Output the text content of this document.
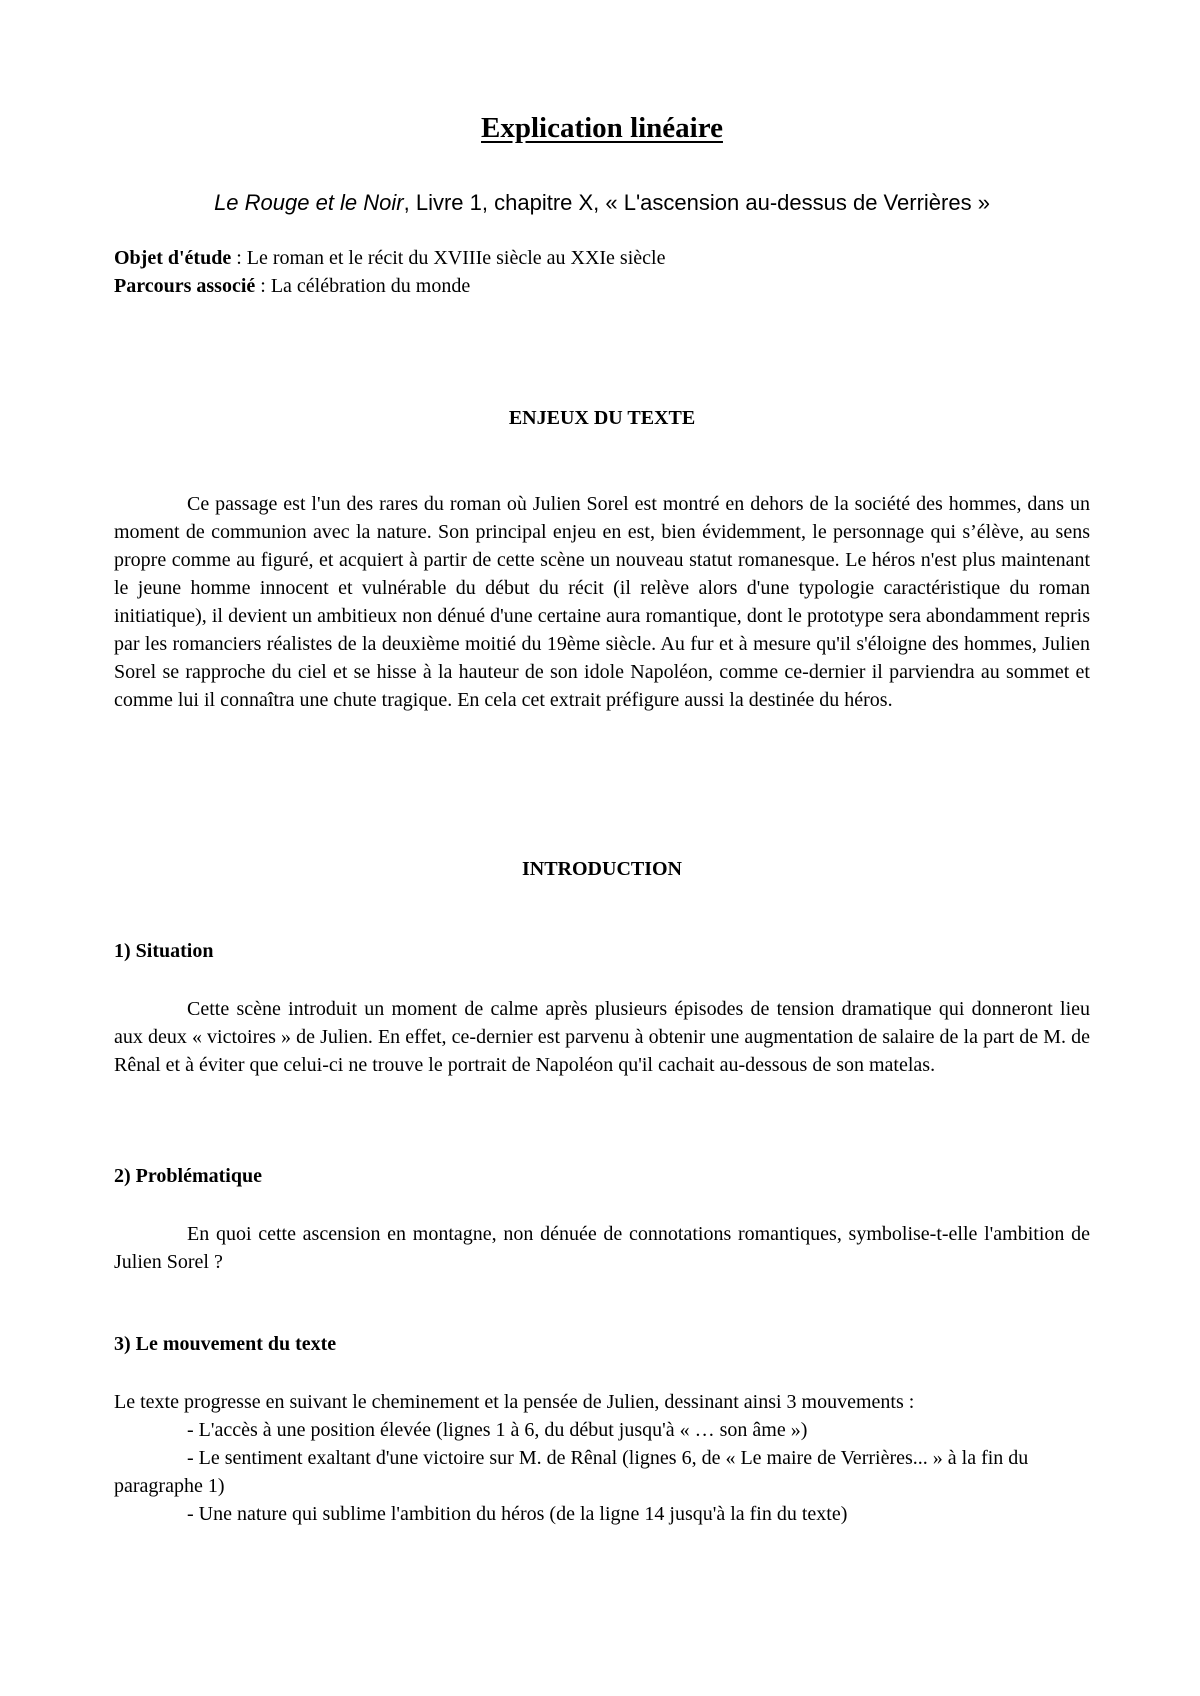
Explication linéaire
Le Rouge et le Noir, Livre 1, chapitre X, « L'ascension au-dessus de Verrières »
Objet d'étude : Le roman et le récit du XVIIIe siècle au XXIe siècle
Parcours associé : La célébration du monde
ENJEUX DU TEXTE

Ce passage est l'un des rares du roman où Julien Sorel est montré en dehors de la société des hommes, dans un moment de communion avec la nature. Son principal enjeu en est, bien évidemment, le personnage qui s’élève, au sens propre comme au figuré, et acquiert à partir de cette scène un nouveau statut romanesque. Le héros n'est plus maintenant le jeune homme innocent et vulnérable du début du récit (il relève alors d'une typologie caractéristique du roman initiatique), il devient un ambitieux non dénué d'une certaine aura romantique, dont le prototype sera abondamment repris par les romanciers réalistes de la deuxième moitié du 19ème siècle. Au fur et à mesure qu'il s'éloigne des hommes, Julien Sorel se rapproche du ciel et se hisse à la hauteur de son idole Napoléon, comme ce-dernier il parviendra au sommet et comme lui il connaîtra une chute tragique. En cela cet extrait préfigure aussi la destinée du héros.

INTRODUCTION
1) Situation

Cette scène introduit un moment de calme après plusieurs épisodes de tension dramatique qui donneront lieu aux deux « victoires » de Julien. En effet, ce-dernier est parvenu à obtenir une augmentation de salaire de la part de M. de Rênal et à éviter que celui-ci ne trouve le portrait de Napoléon qu'il cachait au-dessous de son matelas.

2) Problématique

En quoi cette ascension en montagne, non dénuée de connotations romantiques, symbolise-t-elle l'ambition de Julien Sorel ?

3) Le mouvement du texte

Le texte progresse en suivant le cheminement et la pensée de Julien, dessinant ainsi 3 mouvements :

- L'accès à une position élevée (lignes 1 à 6, du début jusqu'à « … son âme »)
- Le sentiment exaltant d'une victoire sur M. de Rênal (lignes 6, de « Le maire de Verrières... » à la fin du paragraphe 1)
- Une nature qui sublime l'ambition du héros (de la ligne 14 jusqu'à la fin du texte)
